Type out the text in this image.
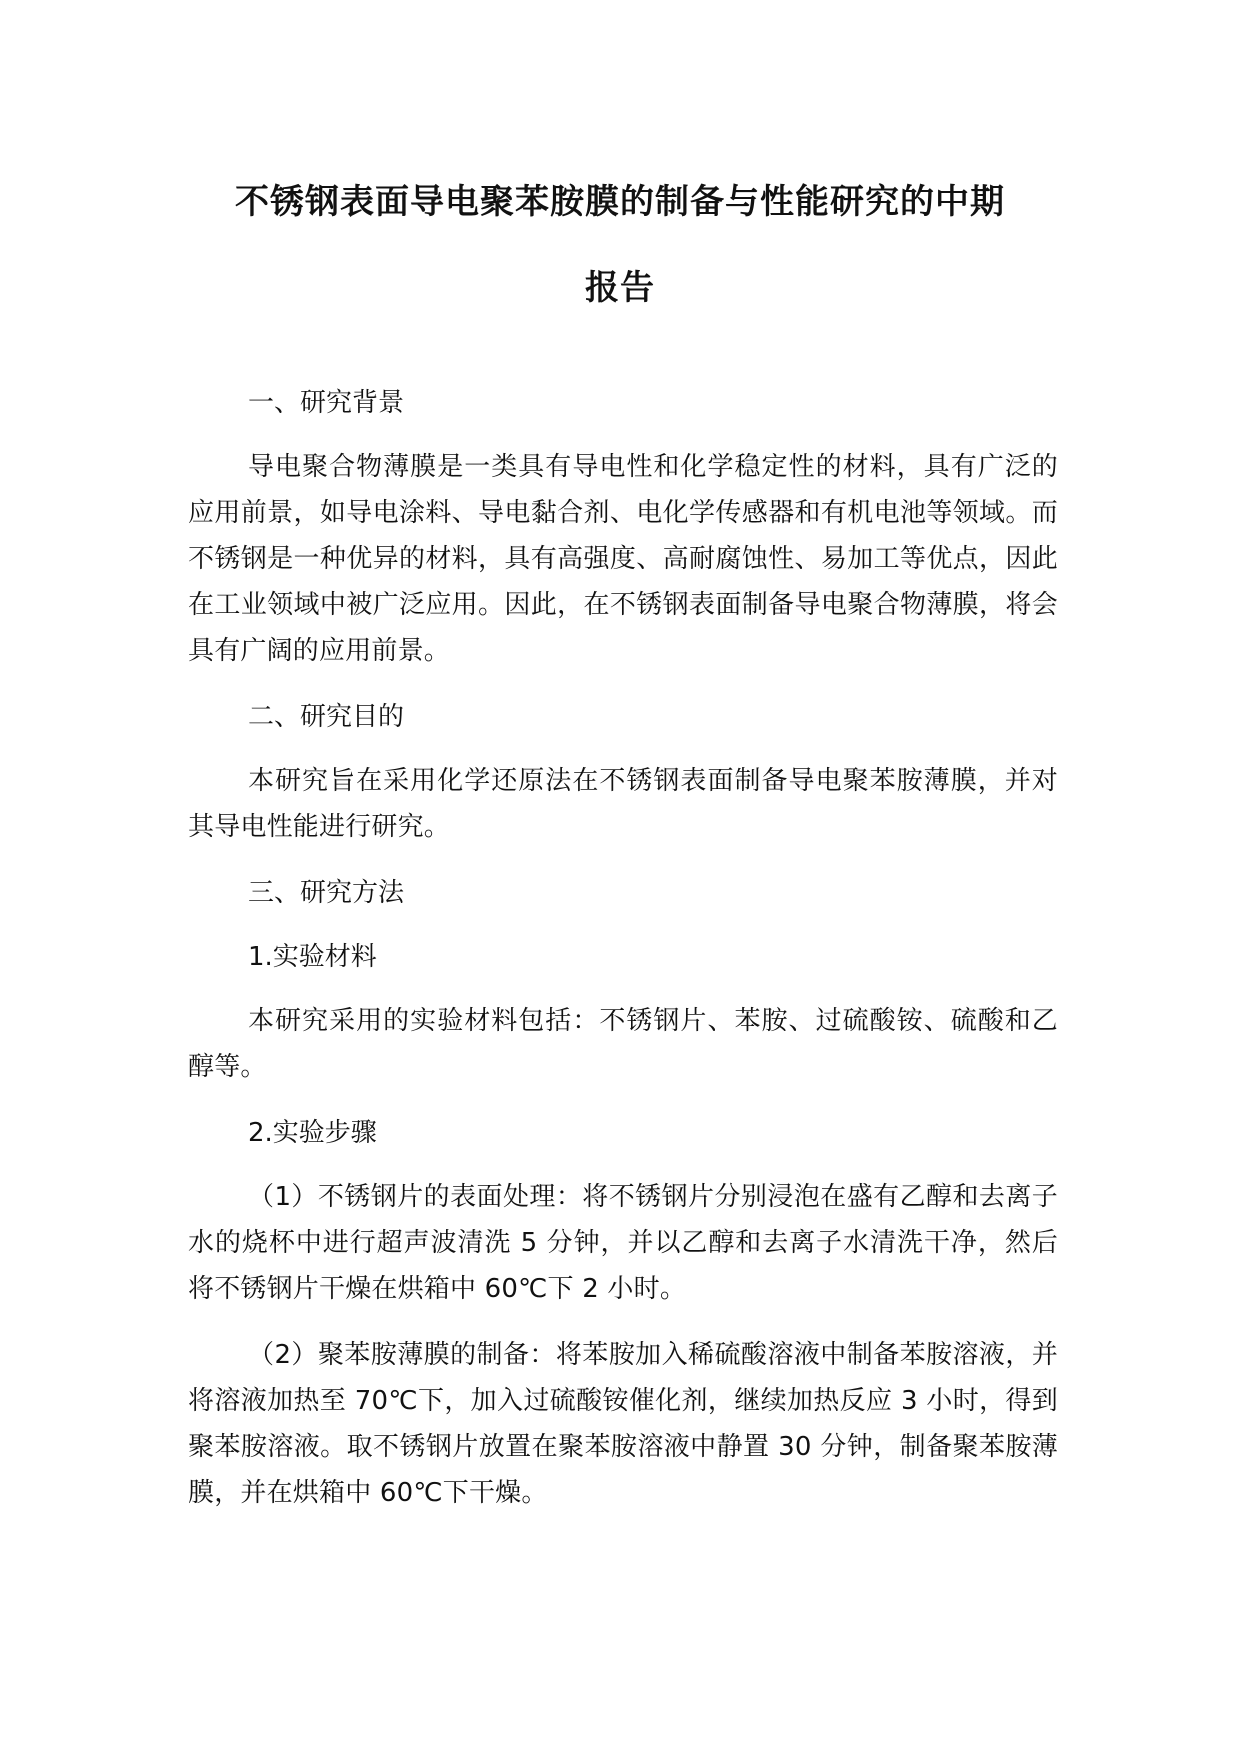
不锈钢表面导电聚苯胺膜的制备与性能研究的中期
报告

一、研究背景

导电聚合物薄膜是一类具有导电性和化学稳定性的材料，具有广泛的应用前景，如导电涂料、导电黏合剂、电化学传感器和有机电池等领域。而不锈钢是一种优异的材料，具有高强度、高耐腐蚀性、易加工等优点，因此在工业领域中被广泛应用。因此，在不锈钢表面制备导电聚合物薄膜，将会具有广阔的应用前景。

二、研究目的

本研究旨在采用化学还原法在不锈钢表面制备导电聚苯胺薄膜，并对其导电性能进行研究。

三、研究方法

1.实验材料

本研究采用的实验材料包括：不锈钢片、苯胺、过硫酸铵、硫酸和乙醇等。

2.实验步骤

（1）不锈钢片的表面处理：将不锈钢片分别浸泡在盛有乙醇和去离子水的烧杯中进行超声波清洗 5 分钟，并以乙醇和去离子水清洗干净，然后将不锈钢片干燥在烘箱中 60℃下 2 小时。

（2）聚苯胺薄膜的制备：将苯胺加入稀硫酸溶液中制备苯胺溶液，并将溶液加热至 70℃下，加入过硫酸铵催化剂，继续加热反应 3 小时，得到聚苯胺溶液。取不锈钢片放置在聚苯胺溶液中静置 30 分钟，制备聚苯胺薄膜，并在烘箱中 60℃下干燥。
